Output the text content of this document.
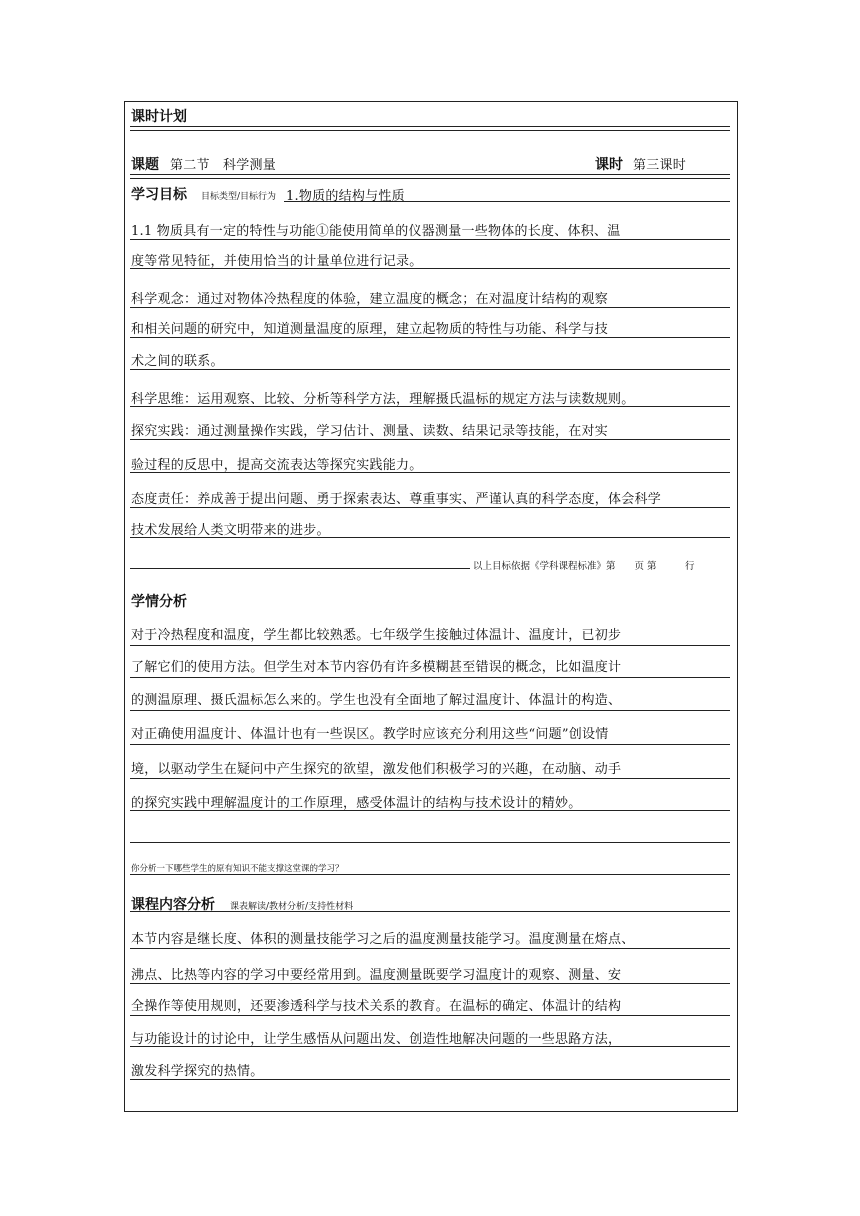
课时计划
课题 第二节　科学测量	课时 第三课时
学习目标 目标类型/目标行为 1.物质的结构与性质
1.1 物质具有一定的特性与功能①能使用简单的仪器测量一些物体的长度、体积、温
度等常见特征，并使用恰当的计量单位进行记录。
科学观念：通过对物体冷热程度的体验，建立温度的概念；在对温度计结构的观察
和相关问题的研究中，知道测量温度的原理，建立起物质的特性与功能、科学与技
术之间的联系。
科学思维：运用观察、比较、分析等科学方法，理解摄氏温标的规定方法与读数规则。
探究实践：通过测量操作实践，学习估计、测量、读数、结果记录等技能，在对实
验过程的反思中，提高交流表达等探究实践能力。
态度责任：养成善于提出问题、勇于探索表达、尊重事实、严谨认真的科学态度，体会科学
技术发展给人类文明带来的进步。
以上目标依据《学科课程标准》第　　页 第　　　行
学情分析
对于冷热程度和温度，学生都比较熟悉。七年级学生接触过体温计、温度计，已初步
了解它们的使用方法。但学生对本节内容仍有许多模糊甚至错误的概念，比如温度计
的测温原理、摄氏温标怎么来的。学生也没有全面地了解过温度计、体温计的构造、
对正确使用温度计、体温计也有一些误区。教学时应该充分利用这些“问题”创设情
境，以驱动学生在疑问中产生探究的欲望，激发他们积极学习的兴趣，在动脑、动手
的探究实践中理解温度计的工作原理，感受体温计的结构与技术设计的精妙。
你分析一下哪些学生的原有知识不能支撑这堂课的学习？
课程内容分析 课表解读/教材分析/支持性材料
本节内容是继长度、体积的测量技能学习之后的温度测量技能学习。温度测量在熔点、
沸点、比热等内容的学习中要经常用到。温度测量既要学习温度计的观察、测量、安
全操作等使用规则，还要渗透科学与技术关系的教育。在温标的确定、体温计的结构
与功能设计的讨论中，让学生感悟从问题出发、创造性地解决问题的一些思路方法，
激发科学探究的热情。
